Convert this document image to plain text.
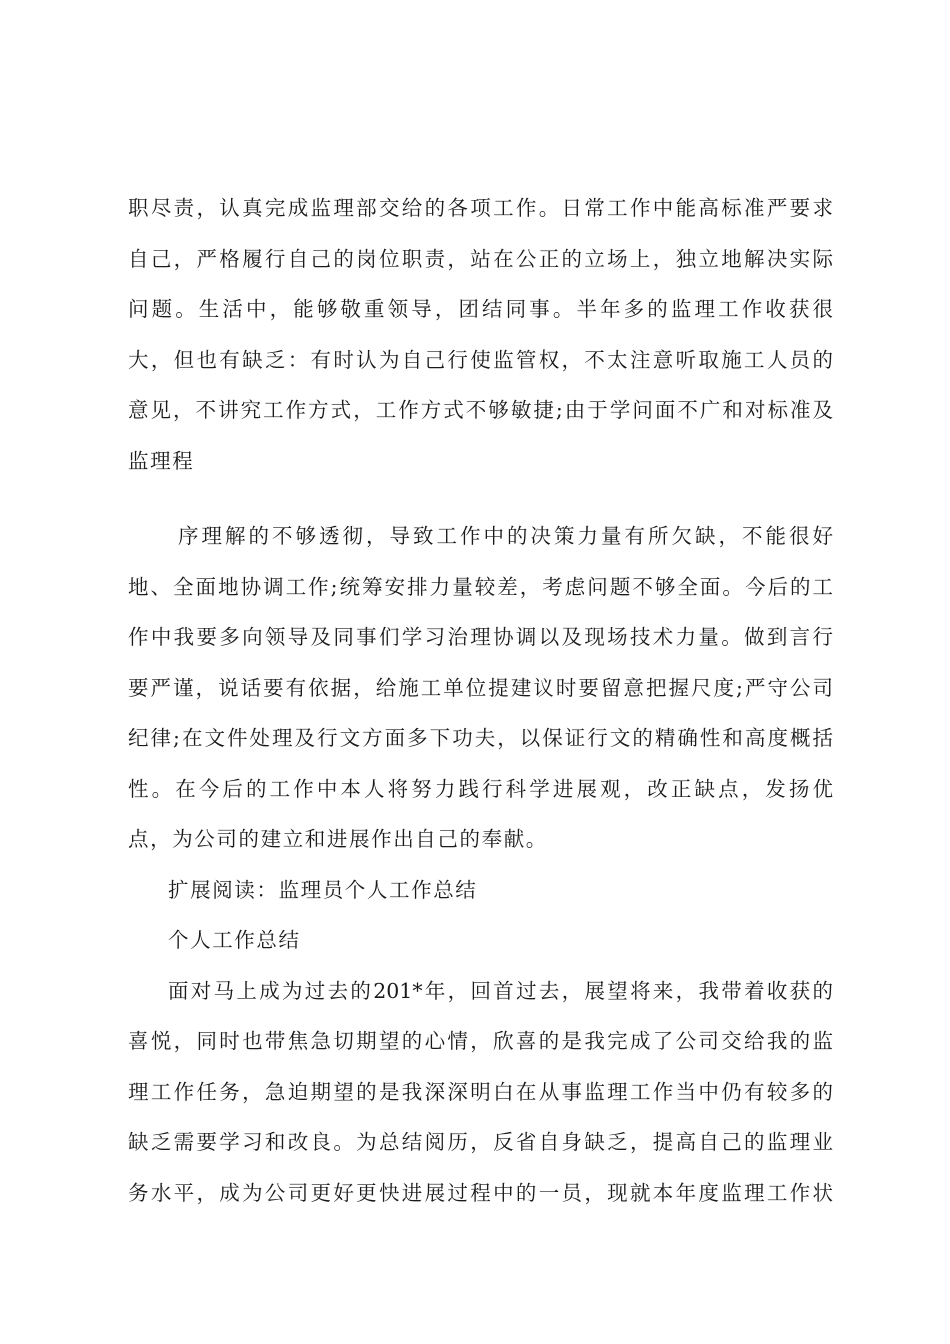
职尽责，认真完成监理部交给的各项工作。日常工作中能高标准严要求
自己，严格履行自己的岗位职责，站在公正的立场上，独立地解决实际
问题。生活中，能够敬重领导，团结同事。半年多的监理工作收获很
大，但也有缺乏：有时认为自己行使监管权，不太注意听取施工人员的
意见，不讲究工作方式，工作方式不够敏捷;由于学问面不广和对标准及
监理程
序理解的不够透彻，导致工作中的决策力量有所欠缺，不能很好
地、全面地协调工作;统筹安排力量较差，考虑问题不够全面。今后的工
作中我要多向领导及同事们学习治理协调以及现场技术力量。做到言行
要严谨，说话要有依据，给施工单位提建议时要留意把握尺度;严守公司
纪律;在文件处理及行文方面多下功夫，以保证行文的精确性和高度概括
性。在今后的工作中本人将努力践行科学进展观，改正缺点，发扬优
点，为公司的建立和进展作出自己的奉献。
扩展阅读：监理员个人工作总结
个人工作总结
面对马上成为过去的201*年，回首过去，展望将来，我带着收获的
喜悦，同时也带焦急切期望的心情，欣喜的是我完成了公司交给我的监
理工作任务，急迫期望的是我深深明白在从事监理工作当中仍有较多的
缺乏需要学习和改良。为总结阅历，反省自身缺乏，提高自己的监理业
务水平，成为公司更好更快进展过程中的一员，现就本年度监理工作状
